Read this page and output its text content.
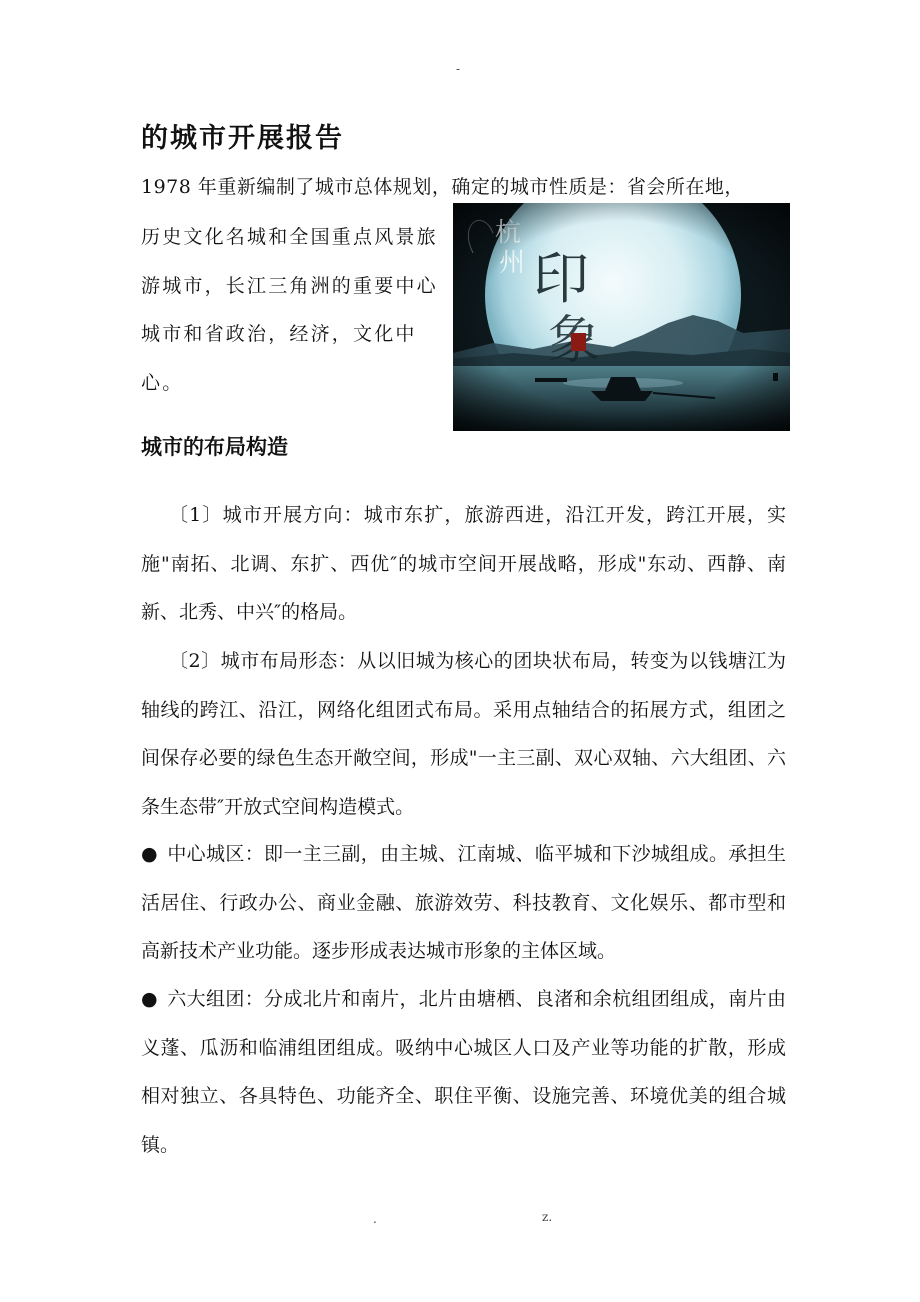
-
的城市开展报告

1978 年重新编制了城市总体规划，确定的城市性质是：省会所在地，

历史文化名城和全国重点风景旅游城市，长江三角洲的重要中心城市和省政治，经济，文化中心。

城市的布局构造

〔1〕城市开展方向：城市东扩，旅游西进，沿江开发，跨江开展，实施"南拓、北调、东扩、西优″的城市空间开展战略，形成"东动、西静、南新、北秀、中兴″的格局。

〔2〕城市布局形态：从以旧城为核心的团块状布局，转变为以钱塘江为轴线的跨江、沿江，网络化组团式布局。采用点轴结合的拓展方式，组团之间保存必要的绿色生态开敞空间，形成"一主三副、双心双轴、六大组团、六条生态带″开放式空间构造模式。

● 中心城区：即一主三副，由主城、江南城、临平城和下沙城组成。承担生活居住、行政办公、商业金融、旅游效劳、科技教育、文化娱乐、都市型和高新技术产业功能。逐步形成表达城市形象的主体区域。

● 六大组团：分成北片和南片，北片由塘栖、良渚和余杭组团组成，南片由义蓬、瓜沥和临浦组团组成。吸纳中心城区人口及产业等功能的扩散，形成相对独立、各具特色、功能齐全、职住平衡、设施完善、环境优美的组合城镇。

.	z.
